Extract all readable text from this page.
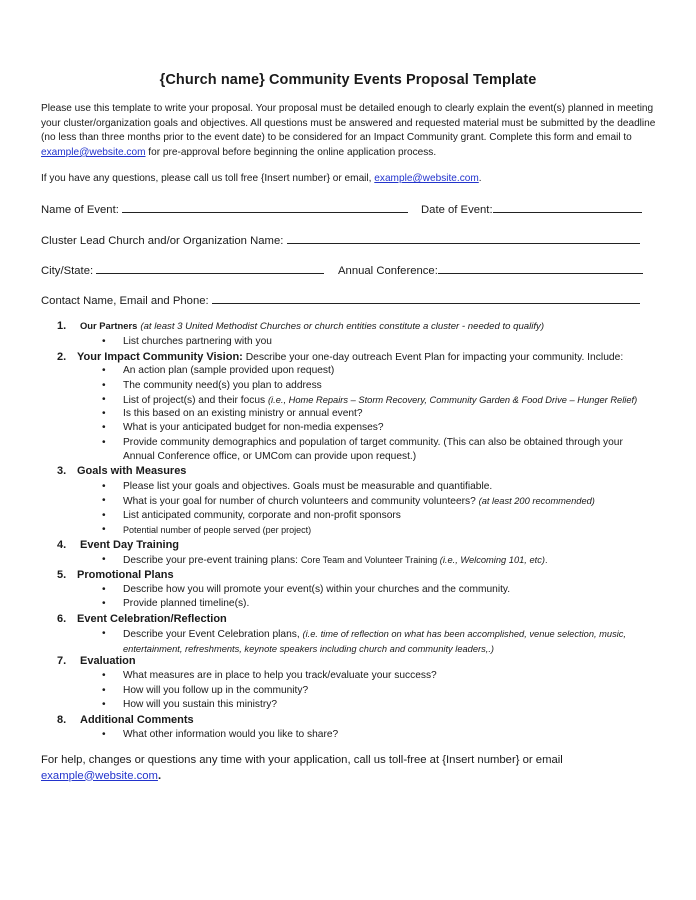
{Church name} Community Events Proposal Template
Please use this template to write your proposal. Your proposal must be detailed enough to clearly explain the event(s) planned in meeting your cluster/organization goals and objectives. All questions must be answered and requested material must be submitted by the deadline (no less than three months prior to the event date) to be considered for an Impact Community grant. Complete this form and email to example@website.com for pre-approval before beginning the online application process.
If you have any questions, please call us toll free {Insert number} or email, example@website.com.
Name of Event:	Date of Event:
Cluster Lead Church and/or Organization Name:
City/State:	Annual Conference:
Contact Name, Email and Phone:
1. Our Partners (at least 3 United Methodist Churches or church entities constitute a cluster - needed to qualify)
• List churches partnering with you
2. Your Impact Community Vision: Describe your one-day outreach Event Plan for impacting your community. Include:
• An action plan (sample provided upon request)
• The community need(s) you plan to address
• List of project(s) and their focus (i.e., Home Repairs – Storm Recovery, Community Garden & Food Drive – Hunger Relief)
• Is this based on an existing ministry or annual event?
• What is your anticipated budget for non-media expenses?
• Provide community demographics and population of target community. (This can also be obtained through your Annual Conference office, or UMCom can provide upon request.)
3. Goals with Measures
• Please list your goals and objectives. Goals must be measurable and quantifiable.
• What is your goal for number of church volunteers and community volunteers? (at least 200 recommended)
• List anticipated community, corporate and non-profit sponsors
• Potential number of people served (per project)
4. Event Day Training
• Describe your pre-event training plans: Core Team and Volunteer Training (i.e., Welcoming 101, etc).
5. Promotional Plans
• Describe how you will promote your event(s) within your churches and the community.
• Provide planned timeline(s).
6. Event Celebration/Reflection
• Describe your Event Celebration plans, (i.e. time of reflection on what has been accomplished, venue selection, music, entertainment, refreshments, keynote speakers including church and community leaders,.)
7. Evaluation
• What measures are in place to help you track/evaluate your success?
• How will you follow up in the community?
• How will you sustain this ministry?
8. Additional Comments
• What other information would you like to share?
For help, changes or questions any time with your application, call us toll-free at {Insert number} or email example@website.com.
